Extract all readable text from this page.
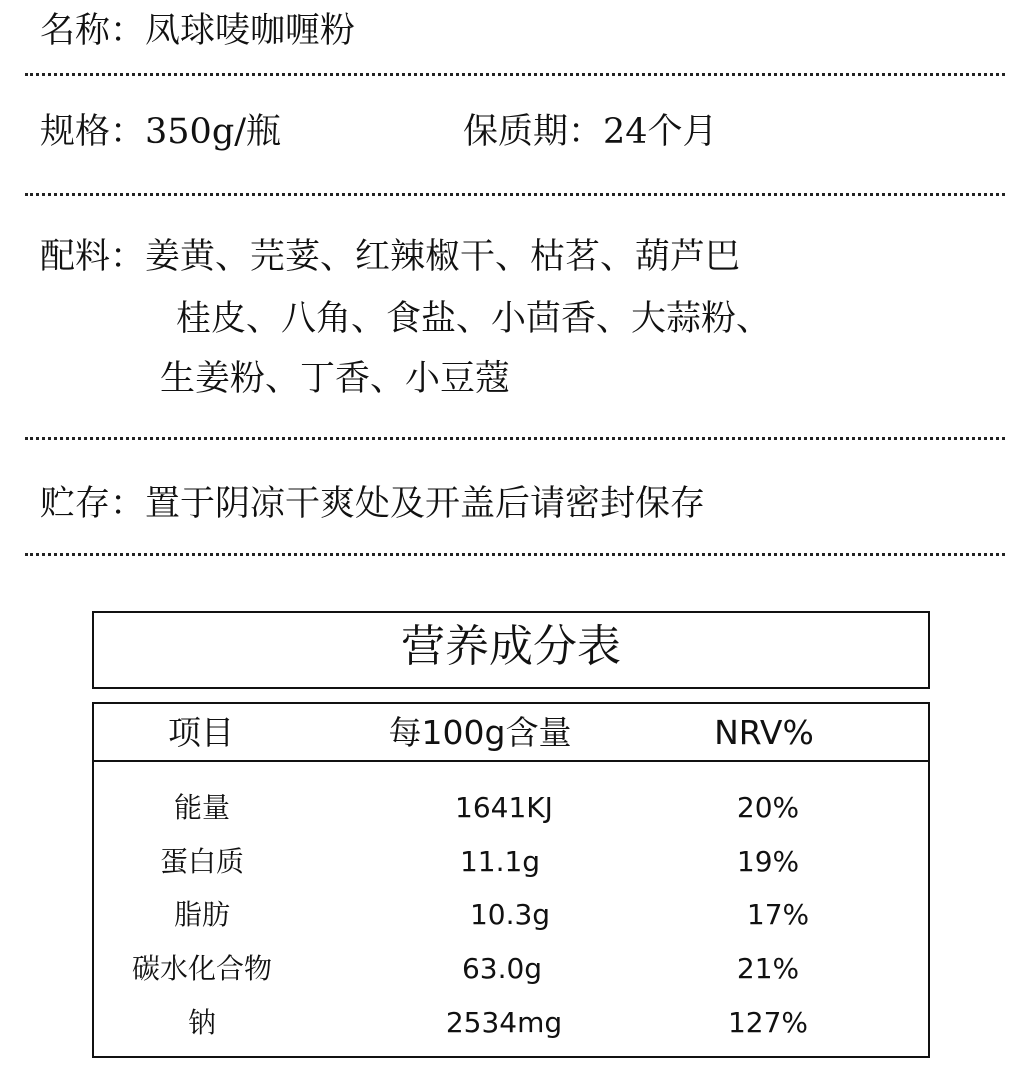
名称：凤球唛咖喱粉
规格：350g/瓶	保质期：24个月
配料：姜黄、芫荽、红辣椒干、枯茗、葫芦巴
桂皮、八角、食盐、小茴香、大蒜粉、
生姜粉、丁香、小豆蔻
贮存：置于阴凉干爽处及开盖后请密封保存
营养成分表
项目	每100g含量	NRV%
能量	1641KJ	20%
蛋白质	11.1g	19%
脂肪	10.3g	17%
碳水化合物	63.0g	21%
钠	2534mg	127%
